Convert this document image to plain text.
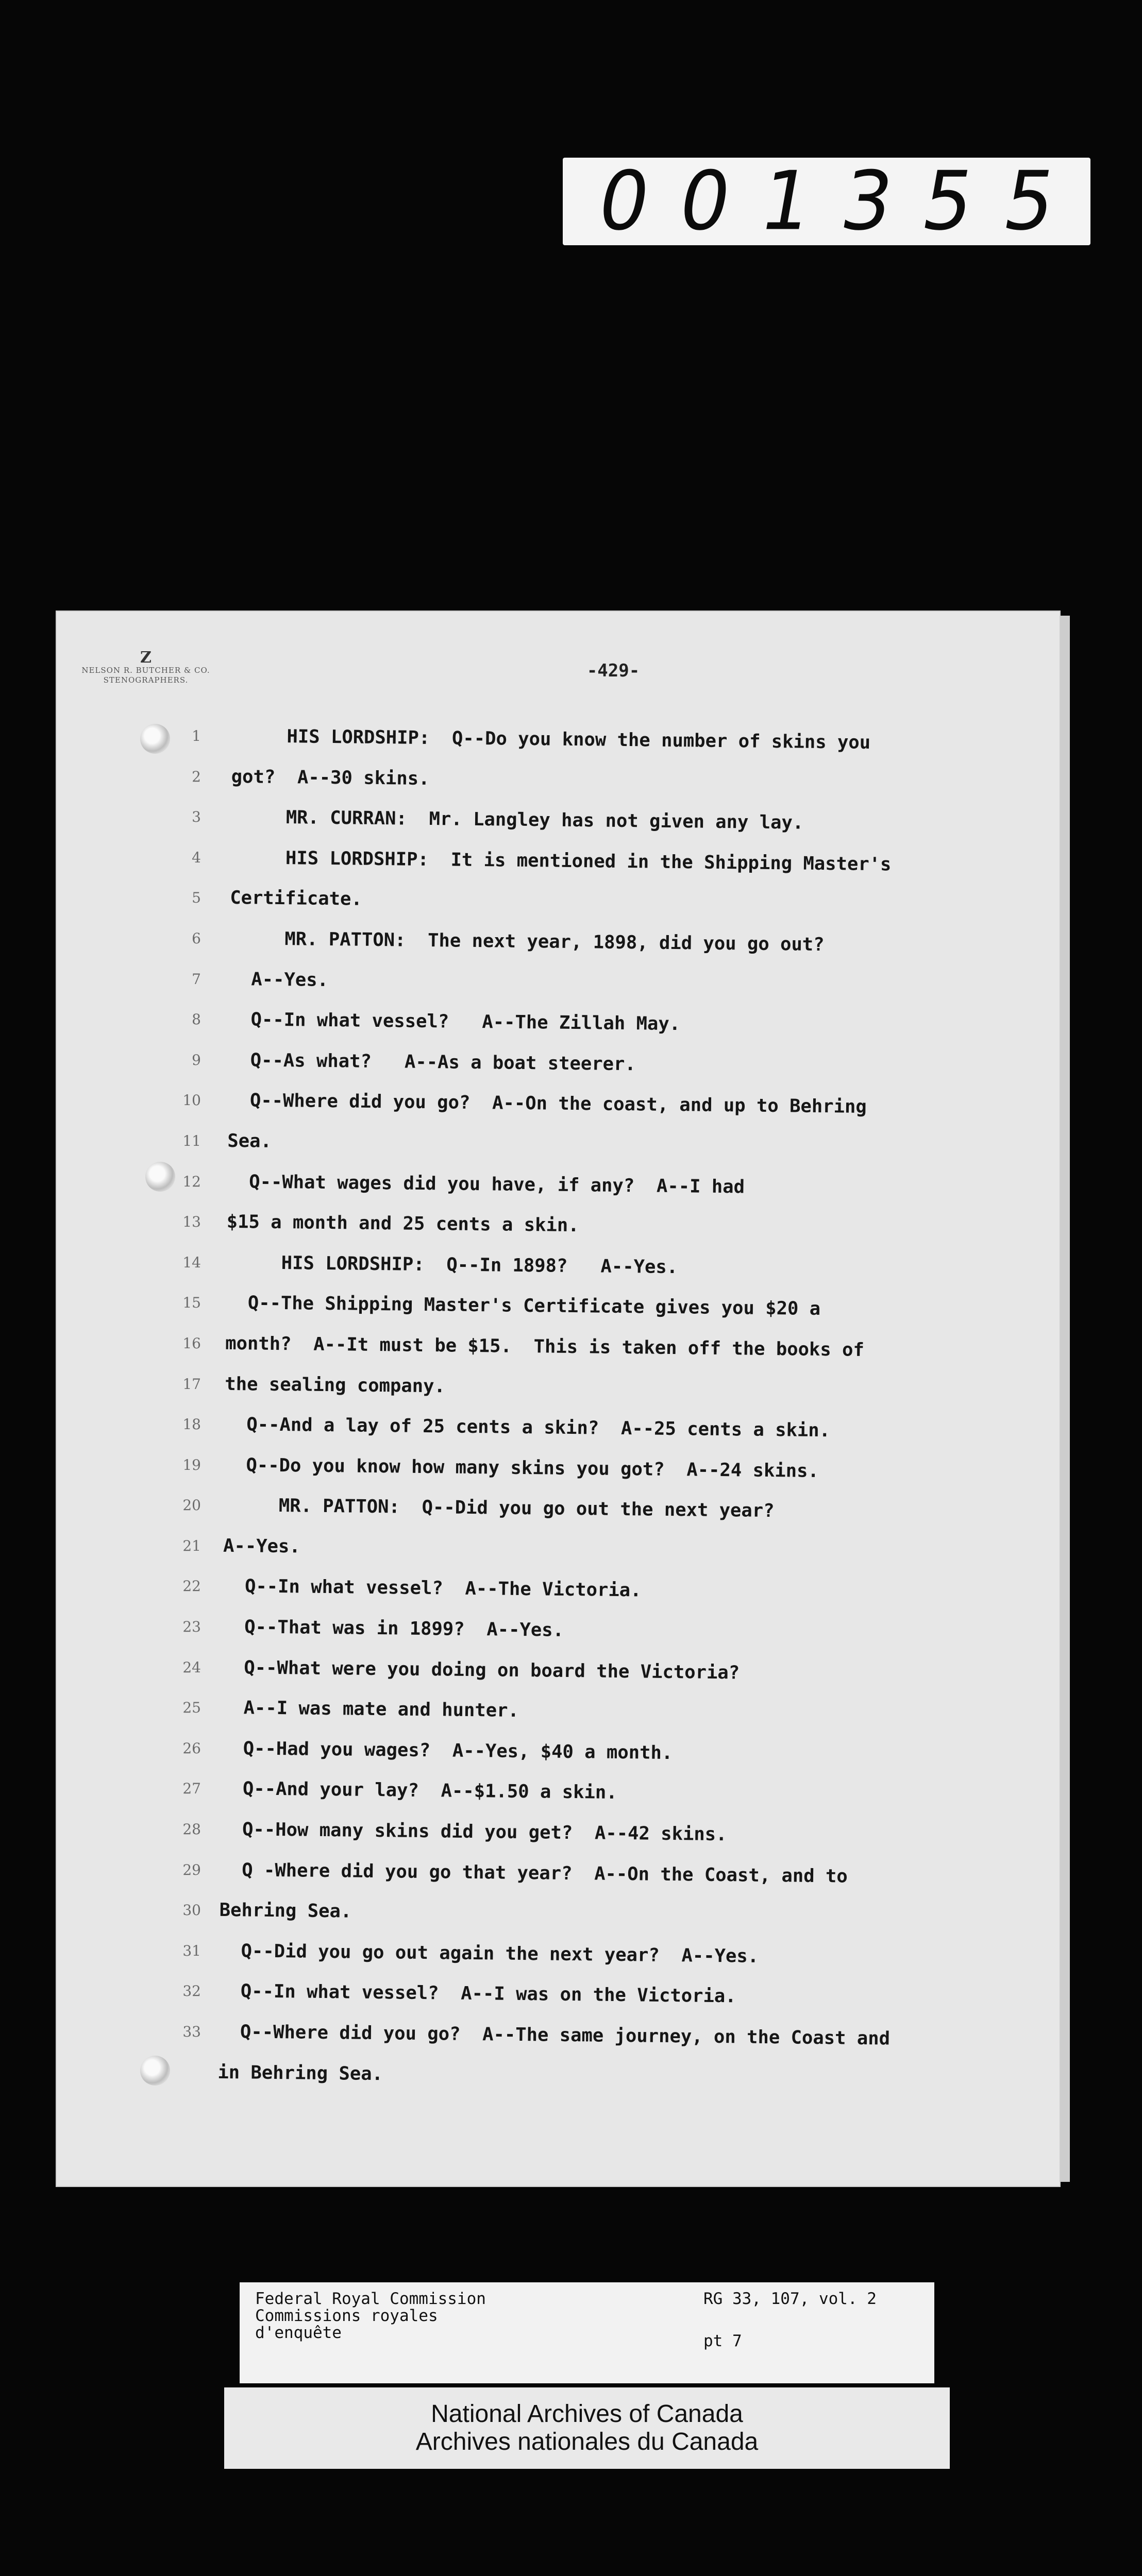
0 0 1 3 5 5
Z
NELSON R. BUTCHER & CO.
STENOGRAPHERS.	-429-
1
2
3
4
5
6
7
8
9
10
11
12
13
14
15
16
17
18
19
20
21
22
23
24
25
26
27
28
29
30
31
32
33
HIS LORDSHIP:  Q--Do you know the number of skins you
got?  A--30 skins.
MR. CURRAN:  Mr. Langley has not given any lay.
HIS LORDSHIP:  It is mentioned in the Shipping Master's
Certificate.
MR. PATTON:  The next year, 1898, did you go out?
A--Yes.
Q--In what vessel?   A--The Zillah May.
Q--As what?   A--As a boat steerer.
Q--Where did you go?  A--On the coast, and up to Behring
Sea.
Q--What wages did you have, if any?  A--I had
$15 a month and 25 cents a skin.
HIS LORDSHIP:  Q--In 1898?   A--Yes.
Q--The Shipping Master's Certificate gives you $20 a
month?  A--It must be $15.  This is taken off the books of
the sealing company.
Q--And a lay of 25 cents a skin?  A--25 cents a skin.
Q--Do you know how many skins you got?  A--24 skins.
MR. PATTON:  Q--Did you go out the next year?
A--Yes.
Q--In what vessel?  A--The Victoria.
Q--That was in 1899?  A--Yes.
Q--What were you doing on board the Victoria?
A--I was mate and hunter.
Q--Had you wages?  A--Yes, $40 a month.
Q--And your lay?  A--$1.50 a skin.
Q--How many skins did you get?  A--42 skins.
Q -Where did you go that year?  A--On the Coast, and to
Behring Sea.
Q--Did you go out again the next year?  A--Yes.
Q--In what vessel?  A--I was on the Victoria.
Q--Where did you go?  A--The same journey, on the Coast and
in Behring Sea.
Federal Royal Commission
Commissions royales
d'enquête
RG 33, 107, vol. 2
pt 7
National Archives of Canada
Archives nationales du Canada
